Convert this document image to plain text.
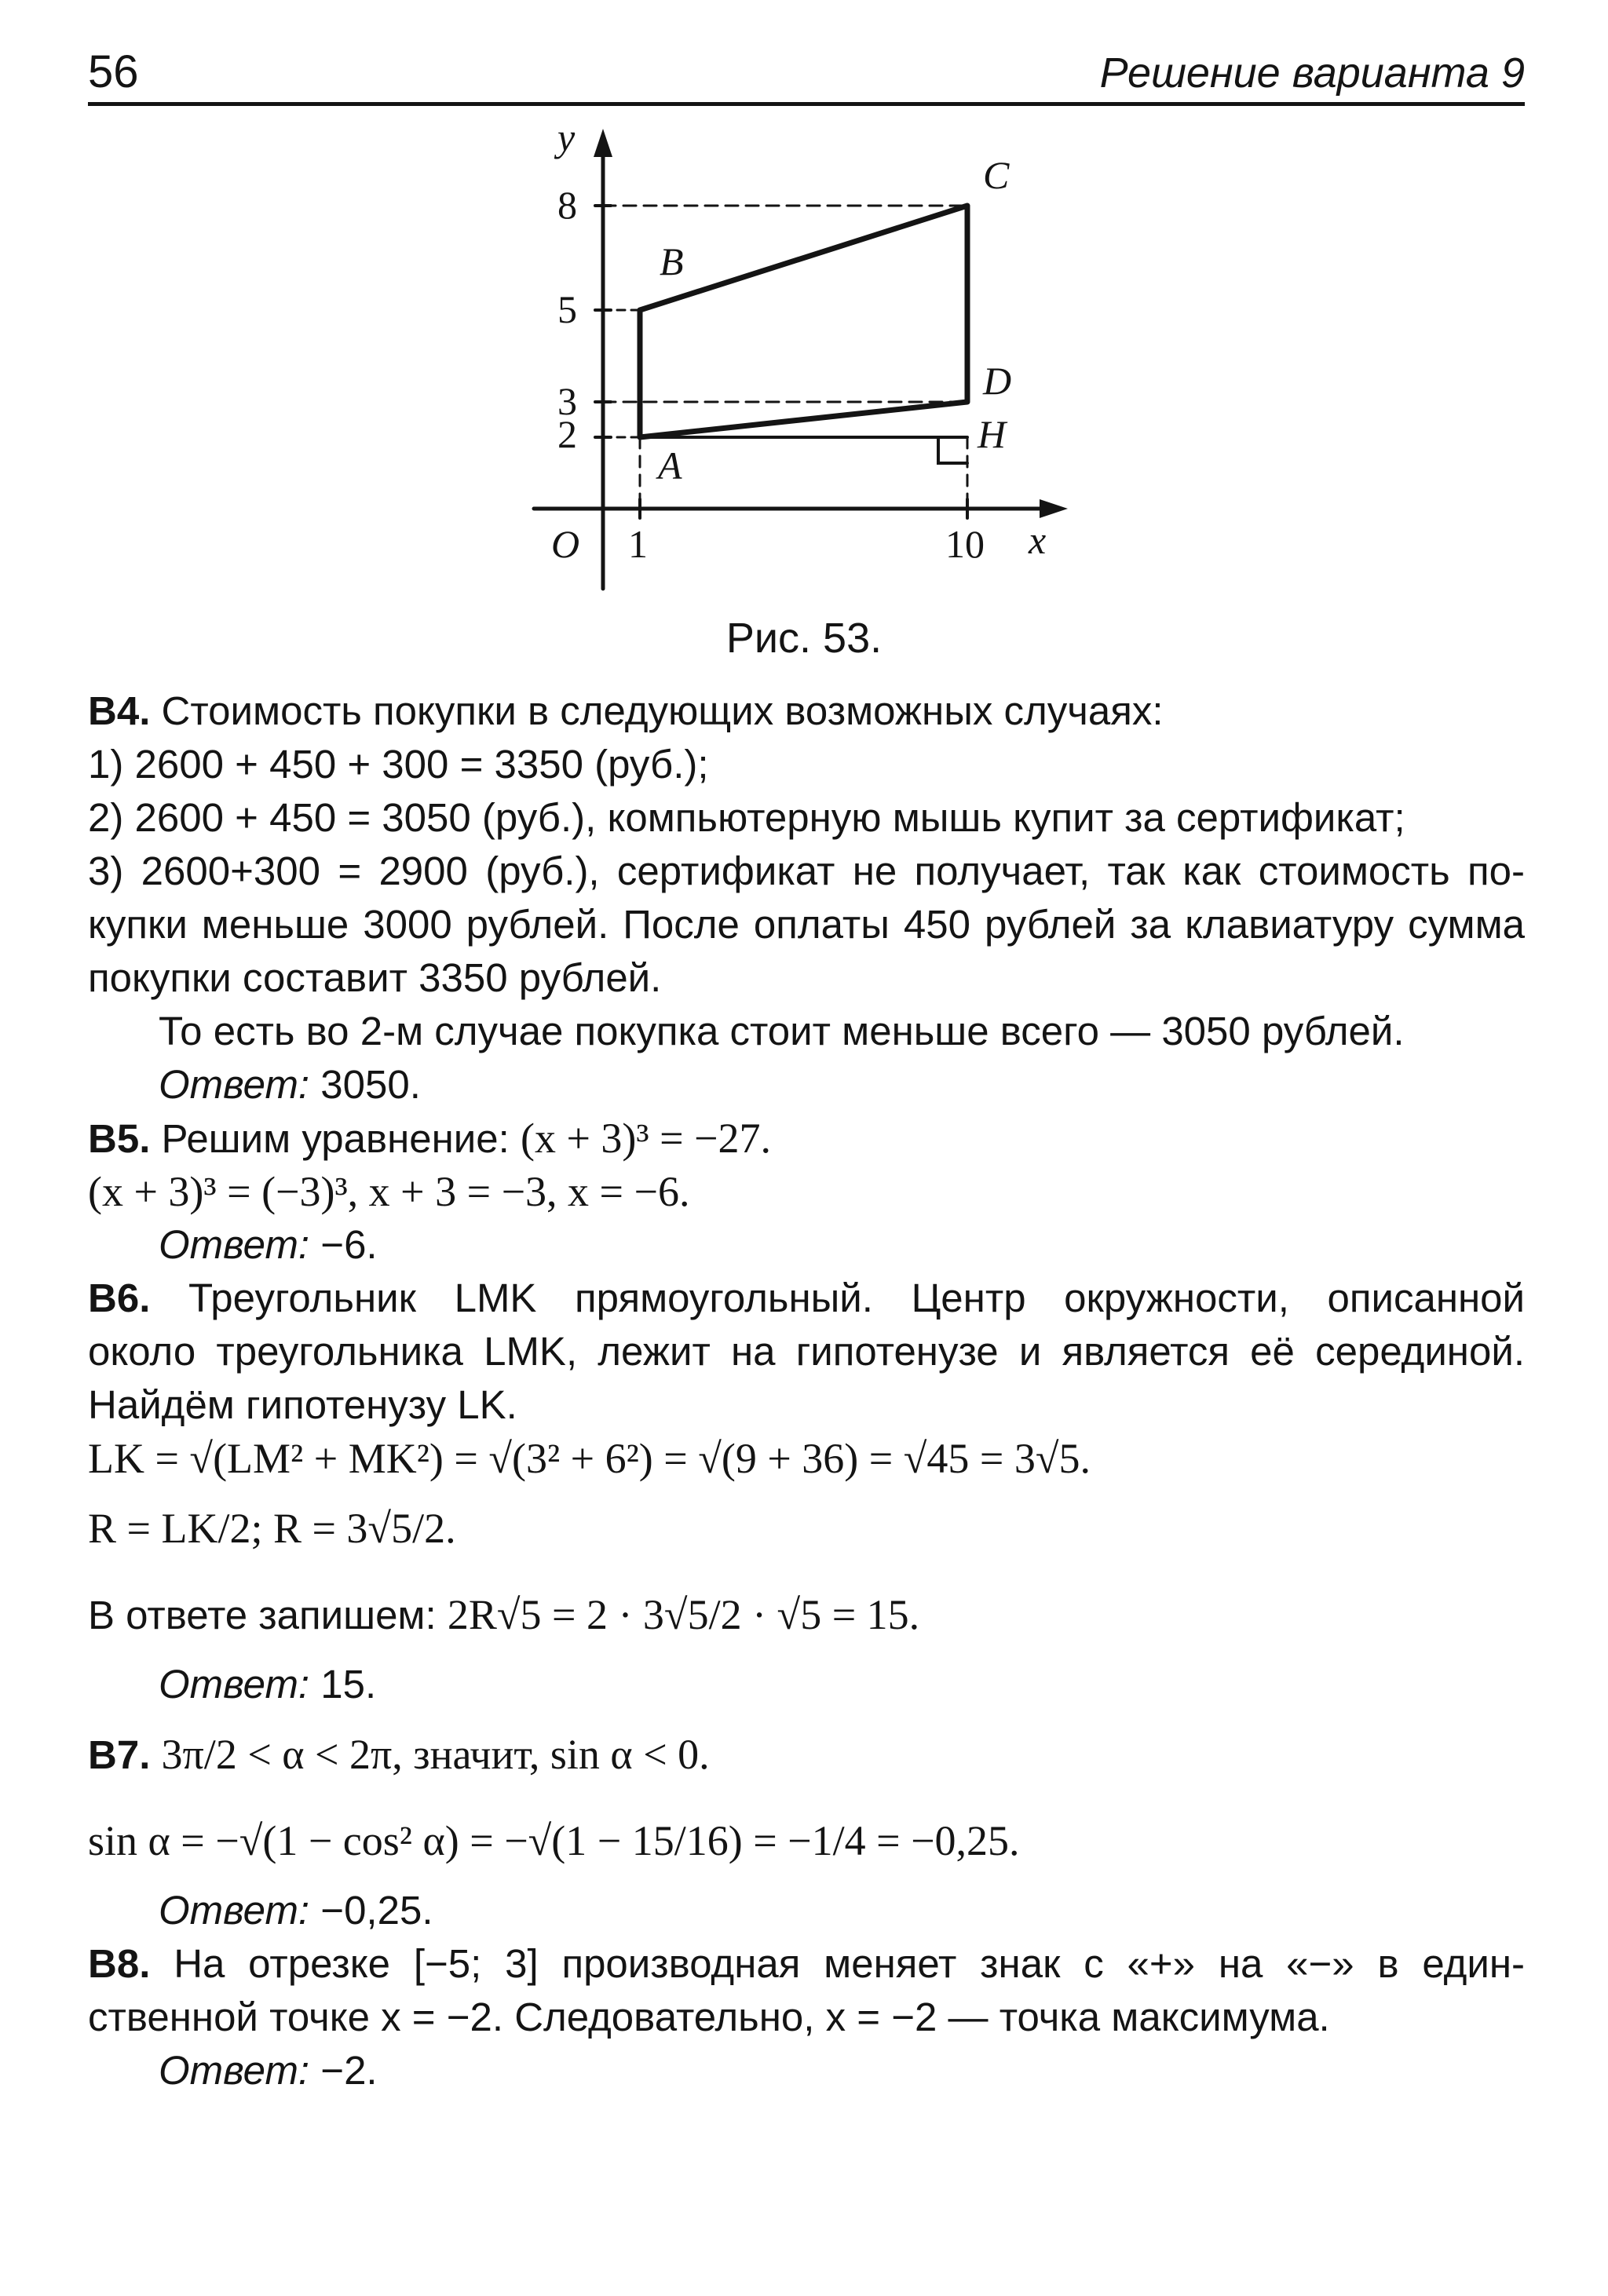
56	Решение варианта 9
y
8
5
3
2
O 1	10 x
A
B
C
D
H
Рис. 53.
B4. Стоимость покупки в следующих возможных случаях:
1) 2600 + 450 + 300 = 3350 (руб.);
2) 2600 + 450 = 3050 (руб.), компьютерную мышь купит за сертификат;
3) 2600+300 = 2900 (руб.), сертификат не получает, так как стоимость по-
купки меньше 3000 рублей. После оплаты 450 рублей за клавиатуру сумма
покупки составит 3350 рублей.
То есть во 2-м случае покупка стоит меньше всего — 3050 рублей.
Ответ: 3050.
B5. Решим уравнение: (x + 3)³ = −27.
(x + 3)³ = (−3)³, x + 3 = −3, x = −6.
Ответ: −6.
B6. Треугольник LMK прямоугольный. Центр окружности, описанной
около треугольника LMK, лежит на гипотенузе и является её серединой.
Найдём гипотенузу LK.
LK = √(LM² + MK²) = √(3² + 6²) = √(9 + 36) = √45 = 3√5.
R = LK/2; R = 3√5/2.
В ответе запишем: 2R√5 = 2 · 3√5/2 · √5 = 15.
Ответ: 15.
B7. 3π/2 < α < 2π, значит, sin α < 0.
sin α = −√(1 − cos² α) = −√(1 − 15/16) = −1/4 = −0,25.
Ответ: −0,25.
B8. На отрезке [−5; 3] производная меняет знак с «+» на «−» в един-
ственной точке x = −2. Следовательно, x = −2 — точка максимума.
Ответ: −2.
